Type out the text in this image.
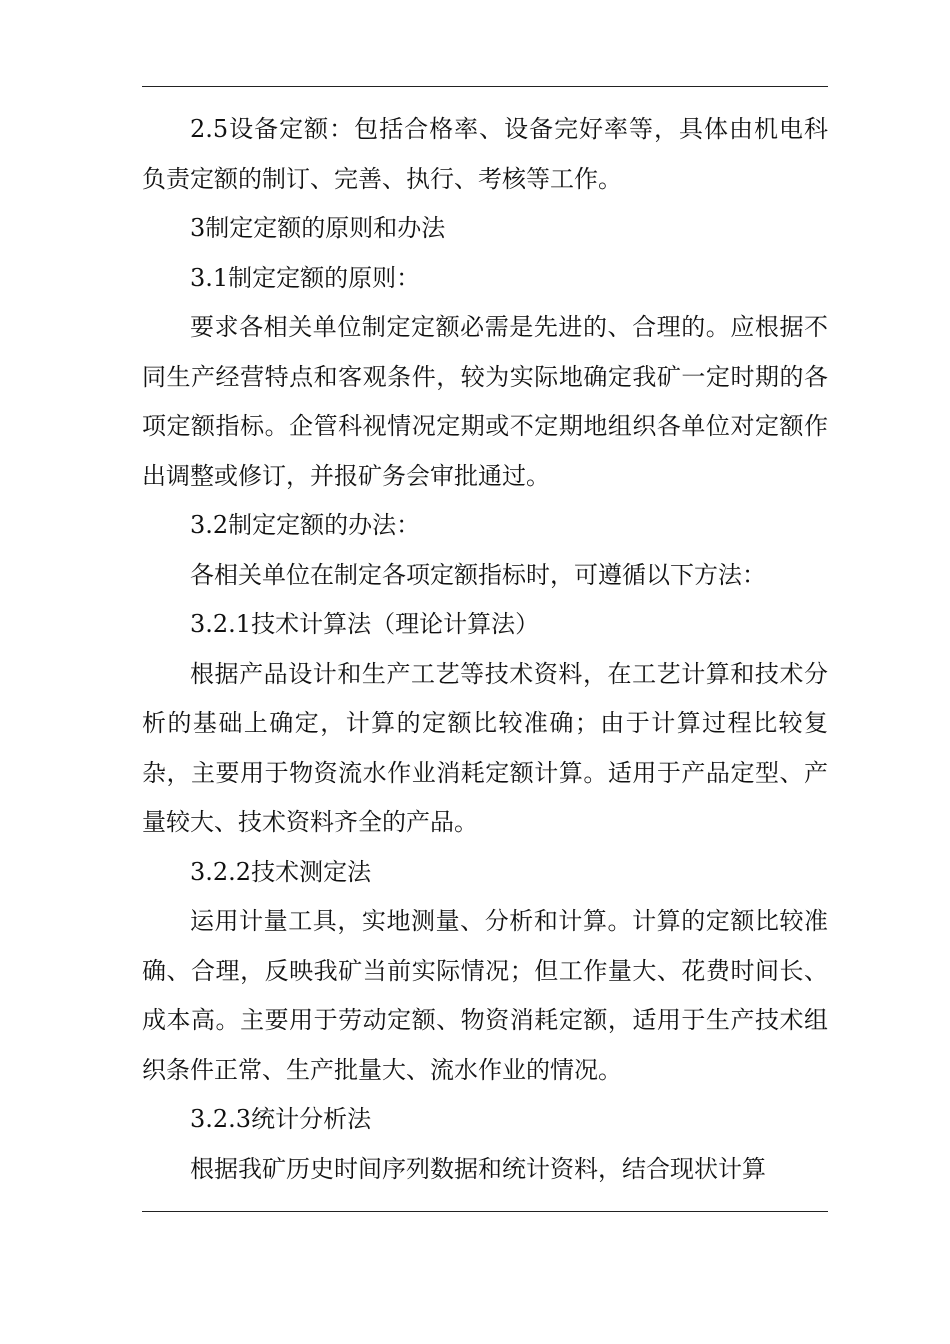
2.5设备定额：包括合格率、设备完好率等，具体由机电科负责定额的制订、完善、执行、考核等工作。

3制定定额的原则和办法

3.1制定定额的原则：

要求各相关单位制定定额必需是先进的、合理的。应根据不同生产经营特点和客观条件，较为实际地确定我矿一定时期的各项定额指标。企管科视情况定期或不定期地组织各单位对定额作出调整或修订，并报矿务会审批通过。

3.2制定定额的办法：

各相关单位在制定各项定额指标时，可遵循以下方法：

3.2.1技术计算法（理论计算法）

根据产品设计和生产工艺等技术资料，在工艺计算和技术分析的基础上确定，计算的定额比较准确；由于计算过程比较复杂，主要用于物资流水作业消耗定额计算。适用于产品定型、产量较大、技术资料齐全的产品。

3.2.2技术测定法

运用计量工具，实地测量、分析和计算。计算的定额比较准确、合理，反映我矿当前实际情况；但工作量大、花费时间长、成本高。主要用于劳动定额、物资消耗定额，适用于生产技术组织条件正常、生产批量大、流水作业的情况。

3.2.3统计分析法

根据我矿历史时间序列数据和统计资料，结合现状计算
